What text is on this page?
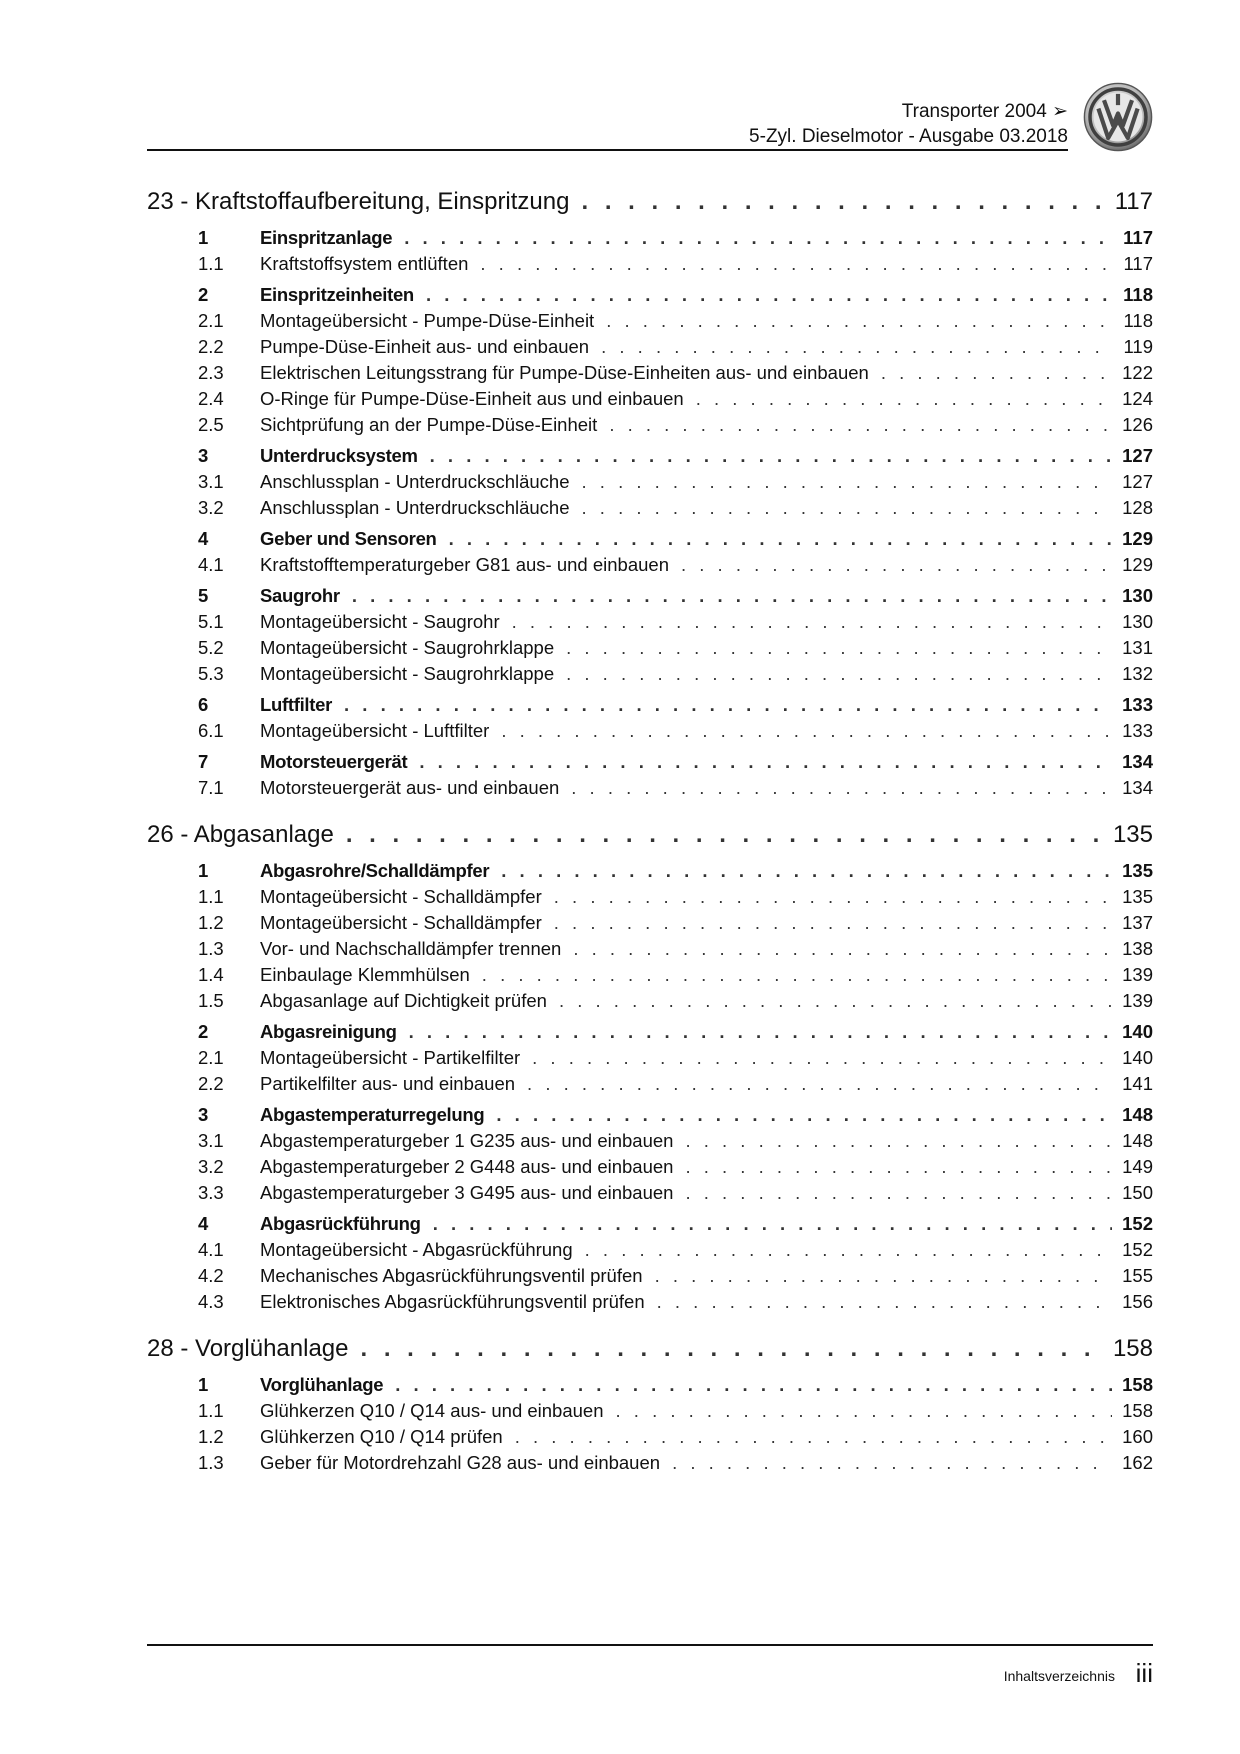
Transporter 2004 ➢
5-Zyl. Dieselmotor - Ausgabe 03.2018
23 - Kraftstoffaufbereitung, Einspritzung . . .	117
1	Einspritzanlage . . .	117
1.1	Kraftstoffsystem entlüften . . .	117
2	Einspritzeinheiten . . .	118
2.1	Montageübersicht - Pumpe-Düse-Einheit . . .	118
2.2	Pumpe-Düse-Einheit aus- und einbauen . . .	119
2.3	Elektrischen Leitungsstrang für Pumpe-Düse-Einheiten aus- und einbauen . . .	122
2.4	O-Ringe für Pumpe-Düse-Einheit aus und einbauen . . .	124
2.5	Sichtprüfung an der Pumpe-Düse-Einheit . . .	126
3	Unterdrucksystem . . .	127
3.1	Anschlussplan - Unterdruckschläuche . . .	127
3.2	Anschlussplan - Unterdruckschläuche . . .	128
4	Geber und Sensoren . . .	129
4.1	Kraftstofftemperaturgeber G81 aus- und einbauen . . .	129
5	Saugrohr . . .	130
5.1	Montageübersicht - Saugrohr . . .	130
5.2	Montageübersicht - Saugrohrklappe . . .	131
5.3	Montageübersicht - Saugrohrklappe . . .	132
6	Luftfilter . . .	133
6.1	Montageübersicht - Luftfilter . . .	133
7	Motorsteuergerät . . .	134
7.1	Motorsteuergerät aus- und einbauen . . .	134
26 - Abgasanlage . . .	135
1	Abgasrohre/Schalldämpfer . . .	135
1.1	Montageübersicht - Schalldämpfer . . .	135
1.2	Montageübersicht - Schalldämpfer . . .	137
1.3	Vor- und Nachschalldämpfer trennen . . .	138
1.4	Einbaulage Klemmhülsen . . .	139
1.5	Abgasanlage auf Dichtigkeit prüfen . . .	139
2	Abgasreinigung . . .	140
2.1	Montageübersicht - Partikelfilter . . .	140
2.2	Partikelfilter aus- und einbauen . . .	141
3	Abgastemperaturregelung . . .	148
3.1	Abgastemperaturgeber 1 G235 aus- und einbauen . . .	148
3.2	Abgastemperaturgeber 2 G448 aus- und einbauen . . .	149
3.3	Abgastemperaturgeber 3 G495 aus- und einbauen . . .	150
4	Abgasrückführung . . .	152
4.1	Montageübersicht - Abgasrückführung . . .	152
4.2	Mechanisches Abgasrückführungsventil prüfen . . .	155
4.3	Elektronisches Abgasrückführungsventil prüfen . . .	156
28 - Vorglühanlage . . .	158
1	Vorglühanlage . . .	158
1.1	Glühkerzen Q10 / Q14 aus- und einbauen . . .	158
1.2	Glühkerzen Q10 / Q14 prüfen . . .	160
1.3	Geber für Motordrehzahl G28 aus- und einbauen . . .	162
Inhaltsverzeichnis iii
